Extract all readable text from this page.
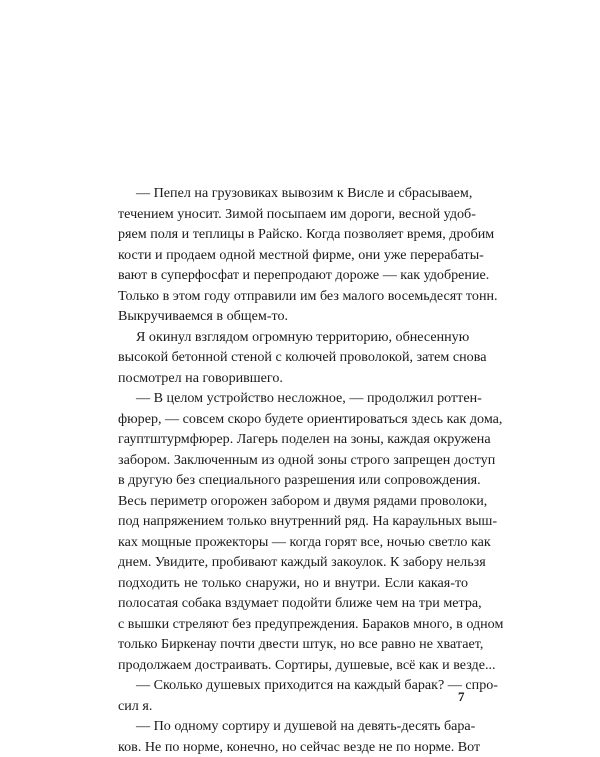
— Пепел на грузовиках вывозим к Висле и сбрасываем,
течением уносит. Зимой посыпаем им дороги, весной удоб-
ряем поля и теплицы в Райско. Когда позволяет время, дробим
кости и продаем одной местной фирме, они уже перерабаты-
вают в суперфосфат и перепродают дороже — как удобрение.
Только в этом году отправили им без малого восемьдесят тонн.
Выкручиваемся в общем-то.
Я окинул взглядом огромную территорию, обнесенную
высокой бетонной стеной с колючей проволокой, затем снова
посмотрел на говорившего.
— В целом устройство несложное, — продолжил роттен-
фюрер, — совсем скоро будете ориентироваться здесь как дома,
гауптштурмфюрер. Лагерь поделен на зоны, каждая окружена
забором. Заключенным из одной зоны строго запрещен доступ
в другую без специального разрешения или сопровождения.
Весь периметр огорожен забором и двумя рядами проволоки,
под напряжением только внутренний ряд. На караульных выш-
ках мощные прожекторы — когда горят все, ночью светло как
днем. Увидите, пробивают каждый закоулок. К забору нельзя
подходить не только снаружи, но и внутри. Если какая-то
полосатая собака вздумает подойти ближе чем на три метра,
с вышки стреляют без предупреждения. Бараков много, в одном
только Биркенау почти двести штук, но все равно не хватает,
продолжаем достраивать. Сортиры, душевые, всё как и везде...
— Сколько душевых приходится на каждый барак? — спро-
сил я.
— По одному сортиру и душевой на девять-десять бара-
ков. Не по норме, конечно, но сейчас везде не по норме. Вот
7
